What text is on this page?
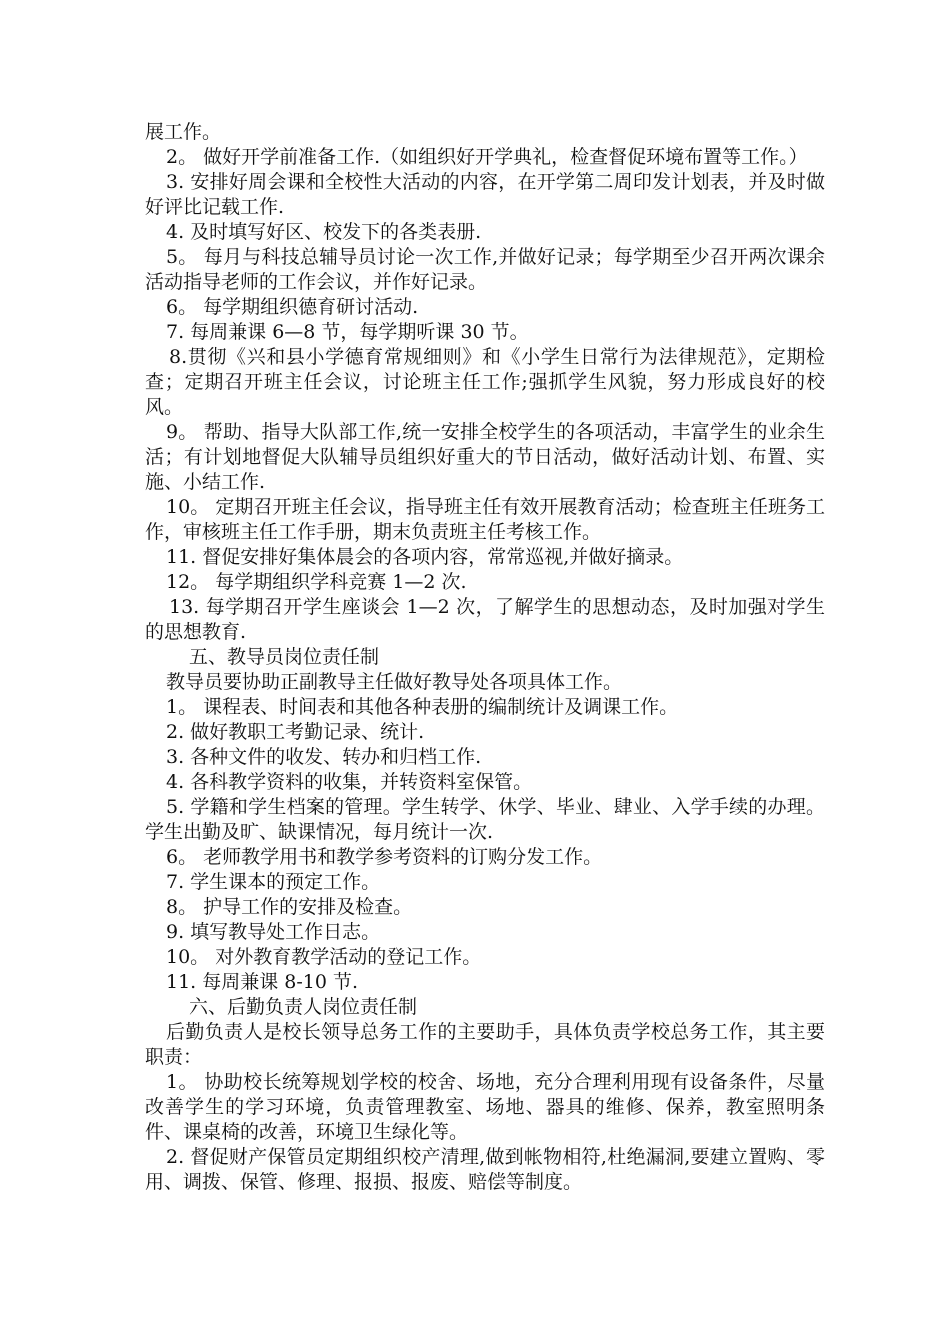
展工作。

2。 做好开学前准备工作.（如组织好开学典礼，检查督促环境布置等工作。）

3. 安排好周会课和全校性大活动的内容，在开学第二周印发计划表，并及时做好评比记载工作.

4. 及时填写好区、校发下的各类表册.

5。 每月与科技总辅导员讨论一次工作,并做好记录；每学期至少召开两次课余活动指导老师的工作会议，并作好记录。

6。 每学期组织德育研讨活动.

7. 每周兼课 6—8 节，每学期听课 30 节。

8.贯彻《兴和县小学德育常规细则》和《小学生日常行为法律规范》，定期检查；定期召开班主任会议，讨论班主任工作;强抓学生风貌，努力形成良好的校风。

9。 帮助、指导大队部工作,统一安排全校学生的各项活动，丰富学生的业余生活；有计划地督促大队辅导员组织好重大的节日活动，做好活动计划、布置、实施、小结工作.

10。 定期召开班主任会议，指导班主任有效开展教育活动；检查班主任班务工作，审核班主任工作手册，期末负责班主任考核工作。

11. 督促安排好集体晨会的各项内容，常常巡视,并做好摘录。

12。 每学期组织学科竞赛 1—2 次.

13. 每学期召开学生座谈会 1—2 次，了解学生的思想动态，及时加强对学生的思想教育.

五、教导员岗位责任制

教导员要协助正副教导主任做好教导处各项具体工作。

1。 课程表、时间表和其他各种表册的编制统计及调课工作。

2. 做好教职工考勤记录、统计.

3. 各种文件的收发、转办和归档工作.

4. 各科教学资料的收集，并转资料室保管。

5. 学籍和学生档案的管理。学生转学、休学、毕业、肆业、入学手续的办理。学生出勤及旷、缺课情况，每月统计一次.

6。 老师教学用书和教学参考资料的订购分发工作。

7. 学生课本的预定工作。

8。 护导工作的安排及检查。

9. 填写教导处工作日志。

10。 对外教育教学活动的登记工作。

11. 每周兼课 8-10 节.

六、后勤负责人岗位责任制

后勤负责人是校长领导总务工作的主要助手，具体负责学校总务工作，其主要职责：

1。 协助校长统筹规划学校的校舍、场地，充分合理利用现有设备条件，尽量改善学生的学习环境，负责管理教室、场地、器具的维修、保养，教室照明条件、课桌椅的改善，环境卫生绿化等。

2. 督促财产保管员定期组织校产清理,做到帐物相符,杜绝漏洞,要建立置购、零用、调拨、保管、修理、报损、报废、赔偿等制度。
